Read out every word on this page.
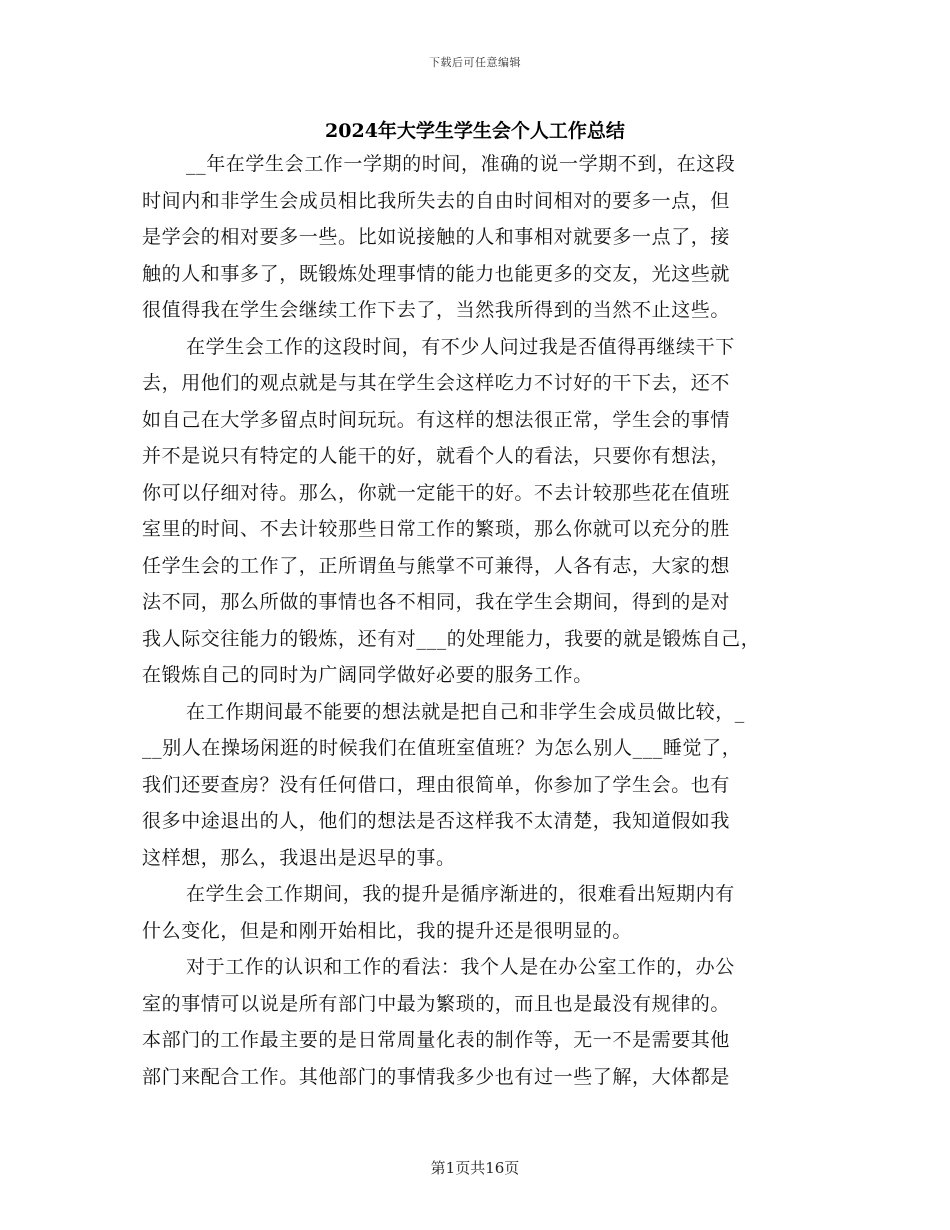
下载后可任意编辑
2024年大学生学生会个人工作总结
__年在学生会工作一学期的时间，准确的说一学期不到，在这段
时间内和非学生会成员相比我所失去的自由时间相对的要多一点，但
是学会的相对要多一些。比如说接触的人和事相对就要多一点了，接
触的人和事多了，既锻炼处理事情的能力也能更多的交友，光这些就
很值得我在学生会继续工作下去了，当然我所得到的当然不止这些。
在学生会工作的这段时间，有不少人问过我是否值得再继续干下
去，用他们的观点就是与其在学生会这样吃力不讨好的干下去，还不
如自己在大学多留点时间玩玩。有这样的想法很正常，学生会的事情
并不是说只有特定的人能干的好，就看个人的看法，只要你有想法，
你可以仔细对待。那么，你就一定能干的好。不去计较那些花在值班
室里的时间、不去计较那些日常工作的繁琐，那么你就可以充分的胜
任学生会的工作了，正所谓鱼与熊掌不可兼得，人各有志，大家的想
法不同，那么所做的事情也各不相同，我在学生会期间，得到的是对
我人际交往能力的锻炼，还有对___的处理能力，我要的就是锻炼自己，
在锻炼自己的同时为广阔同学做好必要的服务工作。
在工作期间最不能要的想法就是把自己和非学生会成员做比较，_
__别人在操场闲逛的时候我们在值班室值班？为怎么别人___睡觉了，
我们还要查房？没有任何借口，理由很简单，你参加了学生会。也有
很多中途退出的人，他们的想法是否这样我不太清楚，我知道假如我
这样想，那么，我退出是迟早的事。
在学生会工作期间，我的提升是循序渐进的，很难看出短期内有
什么变化，但是和刚开始相比，我的提升还是很明显的。
对于工作的认识和工作的看法：我个人是在办公室工作的，办公
室的事情可以说是所有部门中最为繁琐的，而且也是最没有规律的。
本部门的工作最主要的是日常周量化表的制作等，无一不是需要其他
部门来配合工作。其他部门的事情我多少也有过一些了解，大体都是
第1页共16页
